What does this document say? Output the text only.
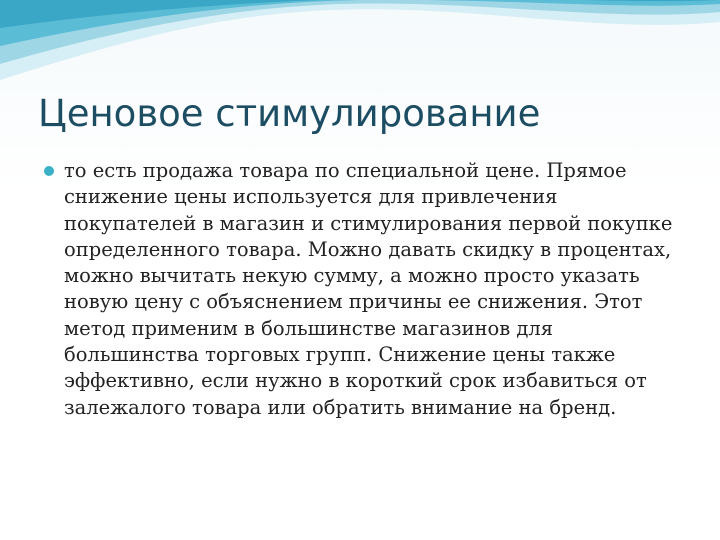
Ценовое стимулирование
то есть продажа товара по специальной цене. Прямое снижение цены используется для привлечения покупателей в магазин и стимулирования первой покупке определенного товара. Можно давать скидку в процентах, можно вычитать некую сумму, а можно просто указать новую цену с объяснением причины ее снижения. Этот метод применим в большинстве магазинов для большинства торговых групп. Снижение цены также эффективно, если нужно в короткий срок избавиться от залежалого товара или обратить внимание на бренд.
